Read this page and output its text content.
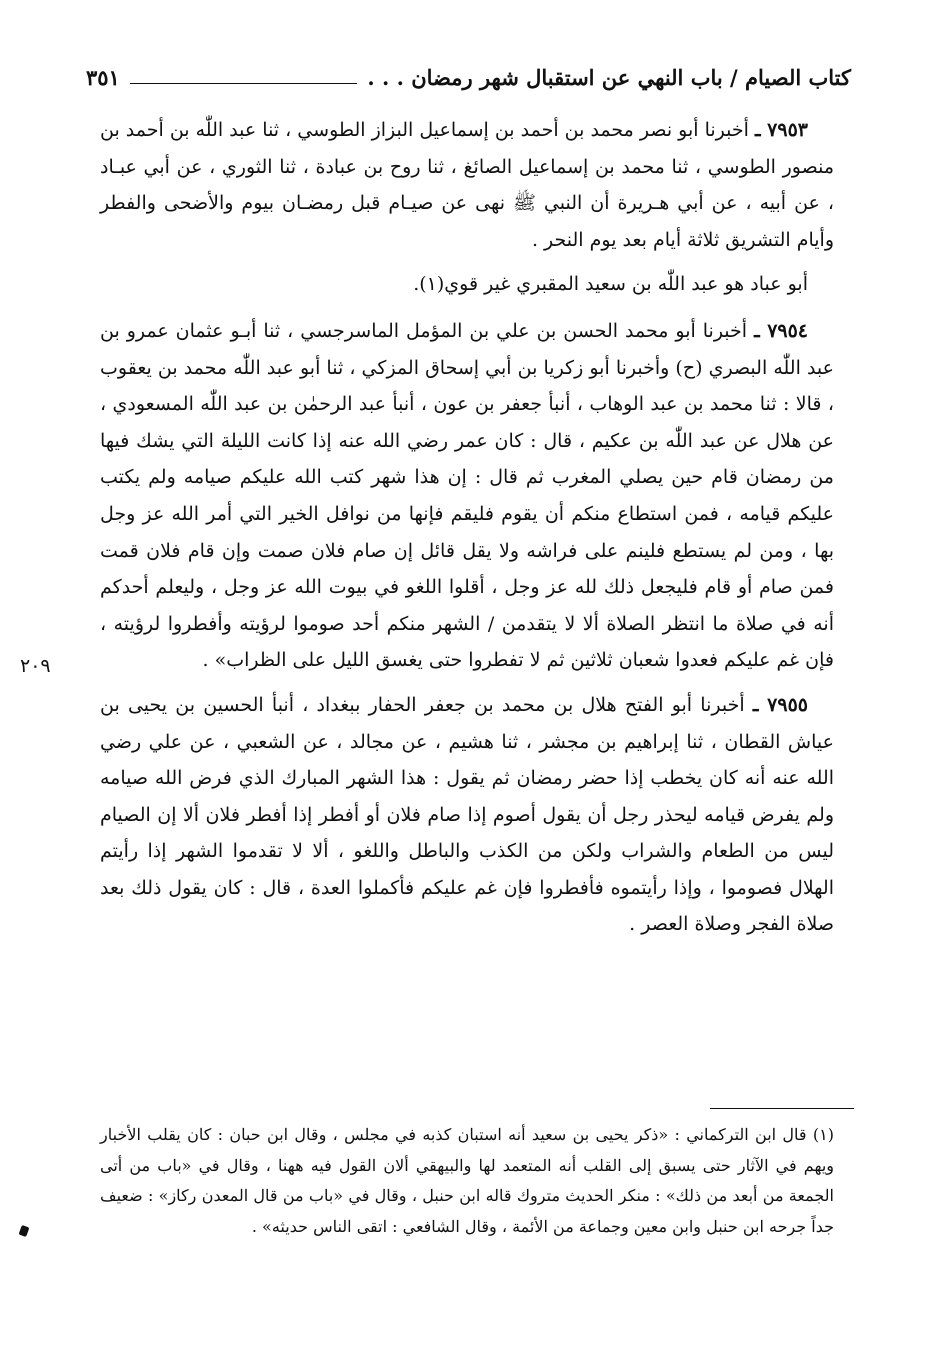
كتاب الصيام / باب النهي عن استقبال شهر رمضان . . .
٣٥١

٧٩٥٣ ـ أخبرنا أبو نصر محمد بن أحمد بن إسماعيل البزاز الطوسي ، ثنا عبد اللّٰه بن أحمد بن منصور الطوسي ، ثنا محمد بن إسماعيل الصائغ ، ثنا روح بن عبادة ، ثنا الثوري ، عن أبي عبـاد ، عن أبيه ، عن أبي هـريرة أن النبي ﷺ نهى عن صيـام قبل رمضـان بيوم والأضحى والفطر وأيام التشريق ثلاثة أيام بعد يوم النحر .

أبو عباد هو عبد اللّٰه بن سعيد المقبري غير قوي(١).

٧٩٥٤ ـ أخبرنا أبو محمد الحسن بن علي بن المؤمل الماسرجسي ، ثنا أبـو عثمان عمرو بن عبد اللّٰه البصري (ح) وأخبرنا أبو زكريا بن أبي إسحاق المزكي ، ثنا أبو عبد اللّٰه محمد بن يعقوب ، قالا : ثنا محمد بن عبد الوهاب ، أنبأ جعفر بن عون ، أنبأ عبد الرحمٰن بن عبد اللّٰه المسعودي ، عن هلال عن عبد اللّٰه بن عكيم ، قال : كان عمر رضي الله عنه إذا كانت الليلة التي يشك فيها من رمضان قام حين يصلي المغرب ثم قال : إن هذا شهر كتب الله عليكم صيامه ولم يكتب عليكم قيامه ، فمن استطاع منكم أن يقوم فليقم فإنها من نوافل الخير التي أمر الله عز وجل بها ، ومن لم يستطع فلينم على فراشه ولا يقل قائل إن صام فلان صمت وإن قام فلان قمت فمن صام أو قام فليجعل ذلك لله عز وجل ، أقلوا اللغو في بيوت الله عز وجل ، وليعلم أحدكم أنه في صلاة ما انتظر الصلاة ألا لا يتقدمن / الشهر منكم أحد صوموا لرؤيته وأفطروا لرؤيته ، فإن غم عليكم فعدوا شعبان ثلاثين ثم لا تفطروا حتى يغسق الليل على الظراب» .

٧٩٥٥ ـ أخبرنا أبو الفتح هلال بن محمد بن جعفر الحفار ببغداد ، أنبأ الحسين بن يحيى بن عياش القطان ، ثنا إبراهيم بن مجشر ، ثنا هشيم ، عن مجالد ، عن الشعبي ، عن علي رضي الله عنه أنه كان يخطب إذا حضر رمضان ثم يقول : هذا الشهر المبارك الذي فرض الله صيامه ولم يفرض قيامه ليحذر رجل أن يقول أصوم إذا صام فلان أو أفطر إذا أفطر فلان ألا إن الصيام ليس من الطعام والشراب ولكن من الكذب والباطل واللغو ، ألا لا تقدموا الشهر إذا رأيتم الهلال فصوموا ، وإذا رأيتموه فأفطروا فإن غم عليكم فأكملوا العدة ، قال : كان يقول ذلك بعد صلاة الفجر وصلاة العصر .

٢٠٩
(١) قال ابن التركماني : «ذكر يحيى بن سعيد أنه استبان كذبه في مجلس ، وقال ابن حبان : كان يقلب الأخبار ويهم في الآثار حتى يسبق إلى القلب أنه المتعمد لها والبيهقي ألان القول فيه ههنا ، وقال في «باب من أتى الجمعة من أبعد من ذلك» : منكر الحديث متروك قاله ابن حنبل ، وقال في «باب من قال المعدن ركاز» : ضعيف جداً جرحه ابن حنبل وابن معين وجماعة من الأئمة ، وقال الشافعي : اتقى الناس حديثه» .
